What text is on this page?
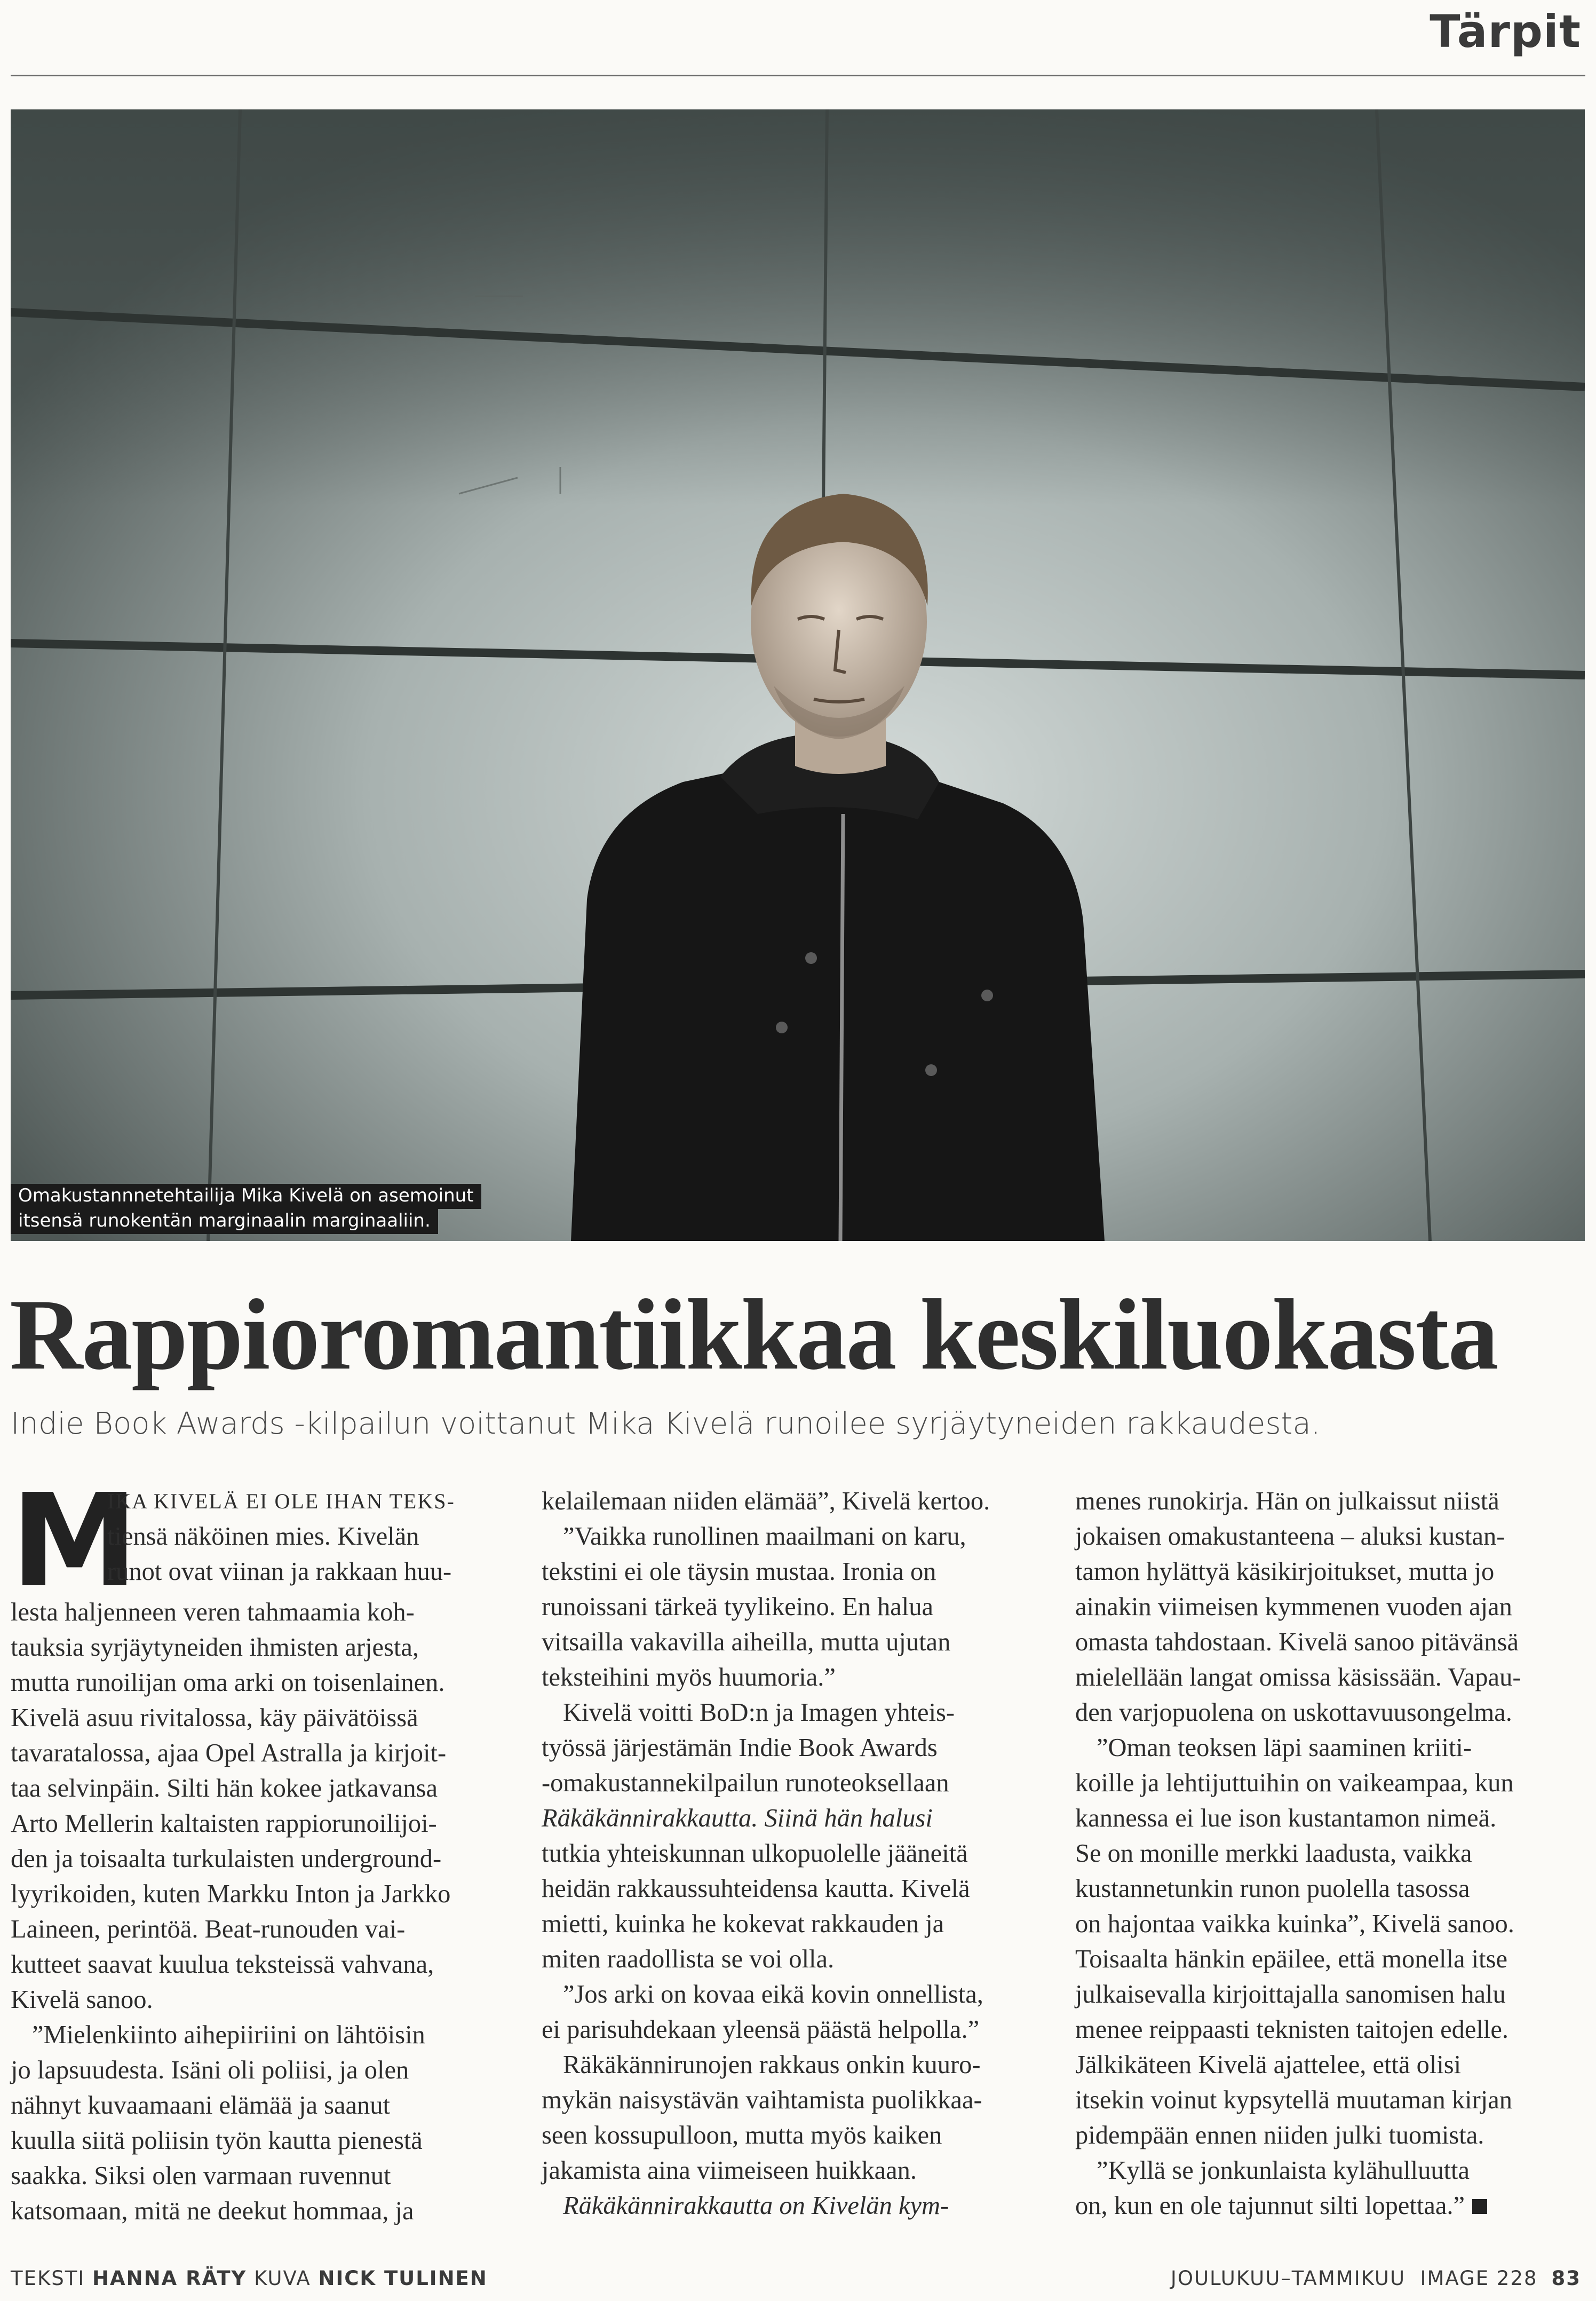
Tärpit
Omakustannnetehtailija Mika Kivelä on asemoinut
itsensä runokentän marginaalin marginaaliin.
Rappioromantiikkaa keskiluokasta
Indie Book Awards -kilpailun voittanut Mika Kivelä runoilee syrjäytyneiden rakkaudesta.
M
IKA KIVELÄ EI OLE IHAN TEKS-
tiensä näköinen mies. Kivelän
runot ovat viinan ja rakkaan huu-
lesta haljenneen veren tahmaamia koh-
tauksia syrjäytyneiden ihmisten arjesta,
mutta runoilijan oma arki on toisenlainen.
Kivelä asuu rivitalossa, käy päivätöissä
tavaratalossa, ajaa Opel Astralla ja kirjoit-
taa selvinpäin. Silti hän kokee jatkavansa
Arto Mellerin kaltaisten rappiorunoilijoi-
den ja toisaalta turkulaisten underground-
lyyrikoiden, kuten Markku Inton ja Jarkko
Laineen, perintöä. Beat-runouden vai-
kutteet saavat kuulua teksteissä vahvana,
Kivelä sanoo.
”Mielenkiinto aihepiiriini on lähtöisin
jo lapsuudesta. Isäni oli poliisi, ja olen
nähnyt kuvaamaani elämää ja saanut
kuulla siitä poliisin työn kautta pienestä
saakka. Siksi olen varmaan ruvennut
katsomaan, mitä ne deekut hommaa, ja
kelailemaan niiden elämää”, Kivelä kertoo.
”Vaikka runollinen maailmani on karu,
tekstini ei ole täysin mustaa. Ironia on
runoissani tärkeä tyylikeino. En halua
vitsailla vakavilla aiheilla, mutta ujutan
teksteihini myös huumoria.”
Kivelä voitti BoD:n ja Imagen yhteis-
työssä järjestämän Indie Book Awards
-omakustannekilpailun runoteoksellaan
Räkäkännirakkautta. Siinä hän halusi
tutkia yhteiskunnan ulkopuolelle jääneitä
heidän rakkaussuhteidensa kautta. Kivelä
mietti, kuinka he kokevat rakkauden ja
miten raadollista se voi olla.
”Jos arki on kovaa eikä kovin onnellista,
ei parisuhdekaan yleensä päästä helpolla.”
Räkäkännirunojen rakkaus onkin kuuro-
mykän naisystävän vaihtamista puolikkaa-
seen kossupulloon, mutta myös kaiken
jakamista aina viimeiseen huikkaan.
Räkäkännirakkautta on Kivelän kym-
menes runokirja. Hän on julkaissut niistä
jokaisen omakustanteena – aluksi kustan-
tamon hylättyä käsikirjoitukset, mutta jo
ainakin viimeisen kymmenen vuoden ajan
omasta tahdostaan. Kivelä sanoo pitävänsä
mielellään langat omissa käsissään. Vapau-
den varjopuolena on uskottavuusongelma.
”Oman teoksen läpi saaminen kriiti-
koille ja lehtijuttuihin on vaikeampaa, kun
kannessa ei lue ison kustantamon nimeä.
Se on monille merkki laadusta, vaikka
kustannetunkin runon puolella tasossa
on hajontaa vaikka kuinka”, Kivelä sanoo.
Toisaalta hänkin epäilee, että monella itse
julkaisevalla kirjoittajalla sanomisen halu
menee reippaasti teknisten taitojen edelle.
Jälkikäteen Kivelä ajattelee, että olisi
itsekin voinut kypsytellä muutaman kirjan
pidempään ennen niiden julki tuomista.
”Kyllä se jonkunlaista kylähulluutta
on, kun en ole tajunnut silti lopettaa.”
TEKSTI HANNA RÄTY KUVA NICK TULINEN	JOULUKUU–TAMMIKUU  IMAGE 228 83
